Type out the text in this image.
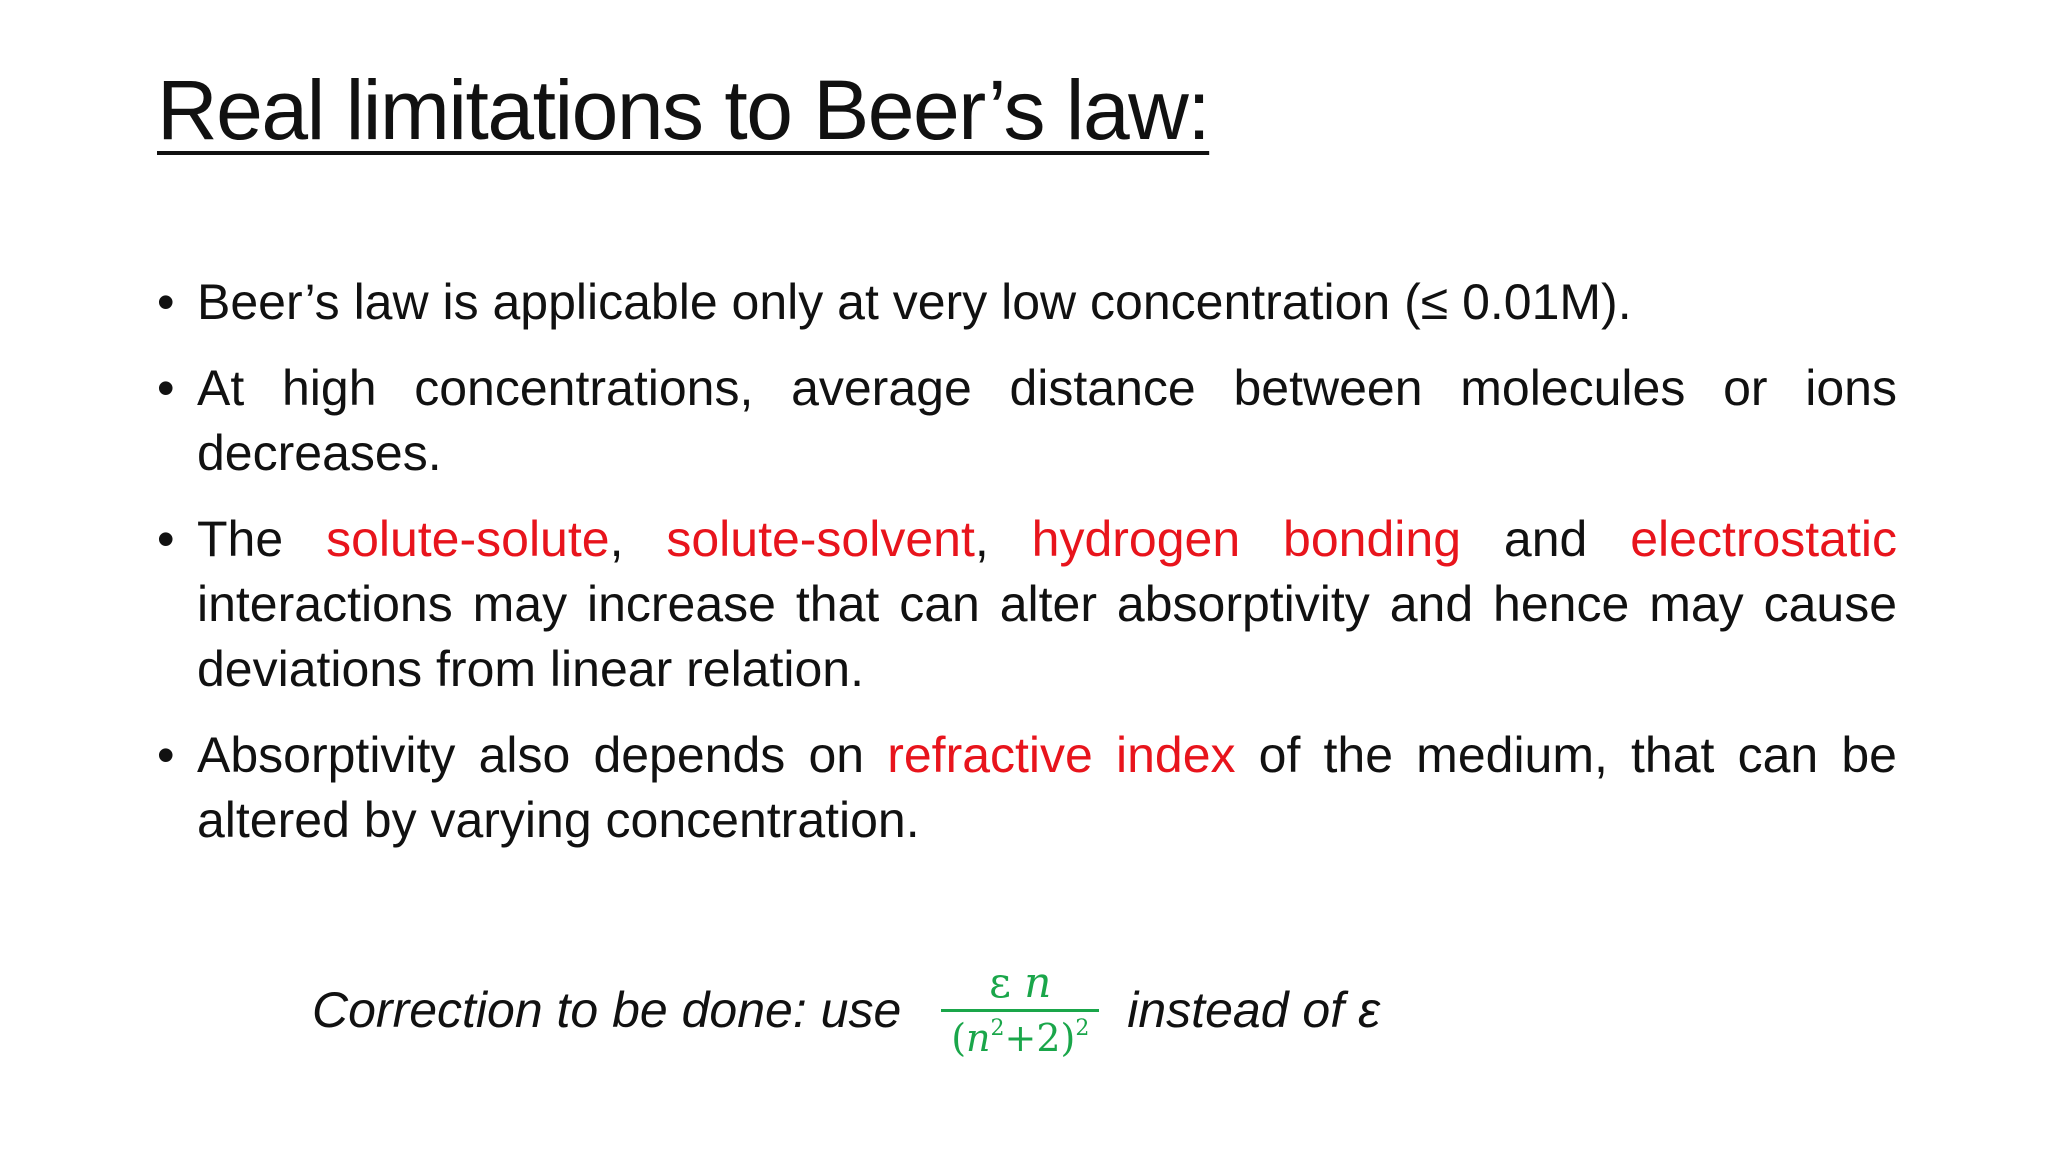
Real limitations to Beer’s law:
• Beer’s law is applicable only at very low concentration (≤ 0.01M).
• At high concentrations, average distance between molecules or ions decreases.
• The solute-solute, solute-solvent, hydrogen bonding and electrostatic interactions may increase that can alter absorptivity and hence may cause deviations from linear relation.
• Absorptivity also depends on refractive index of the medium, that can be altered by varying concentration.
Correction to be done: use $\frac{\text{ε n}}{(n^2+2)^2}$ instead of ε
